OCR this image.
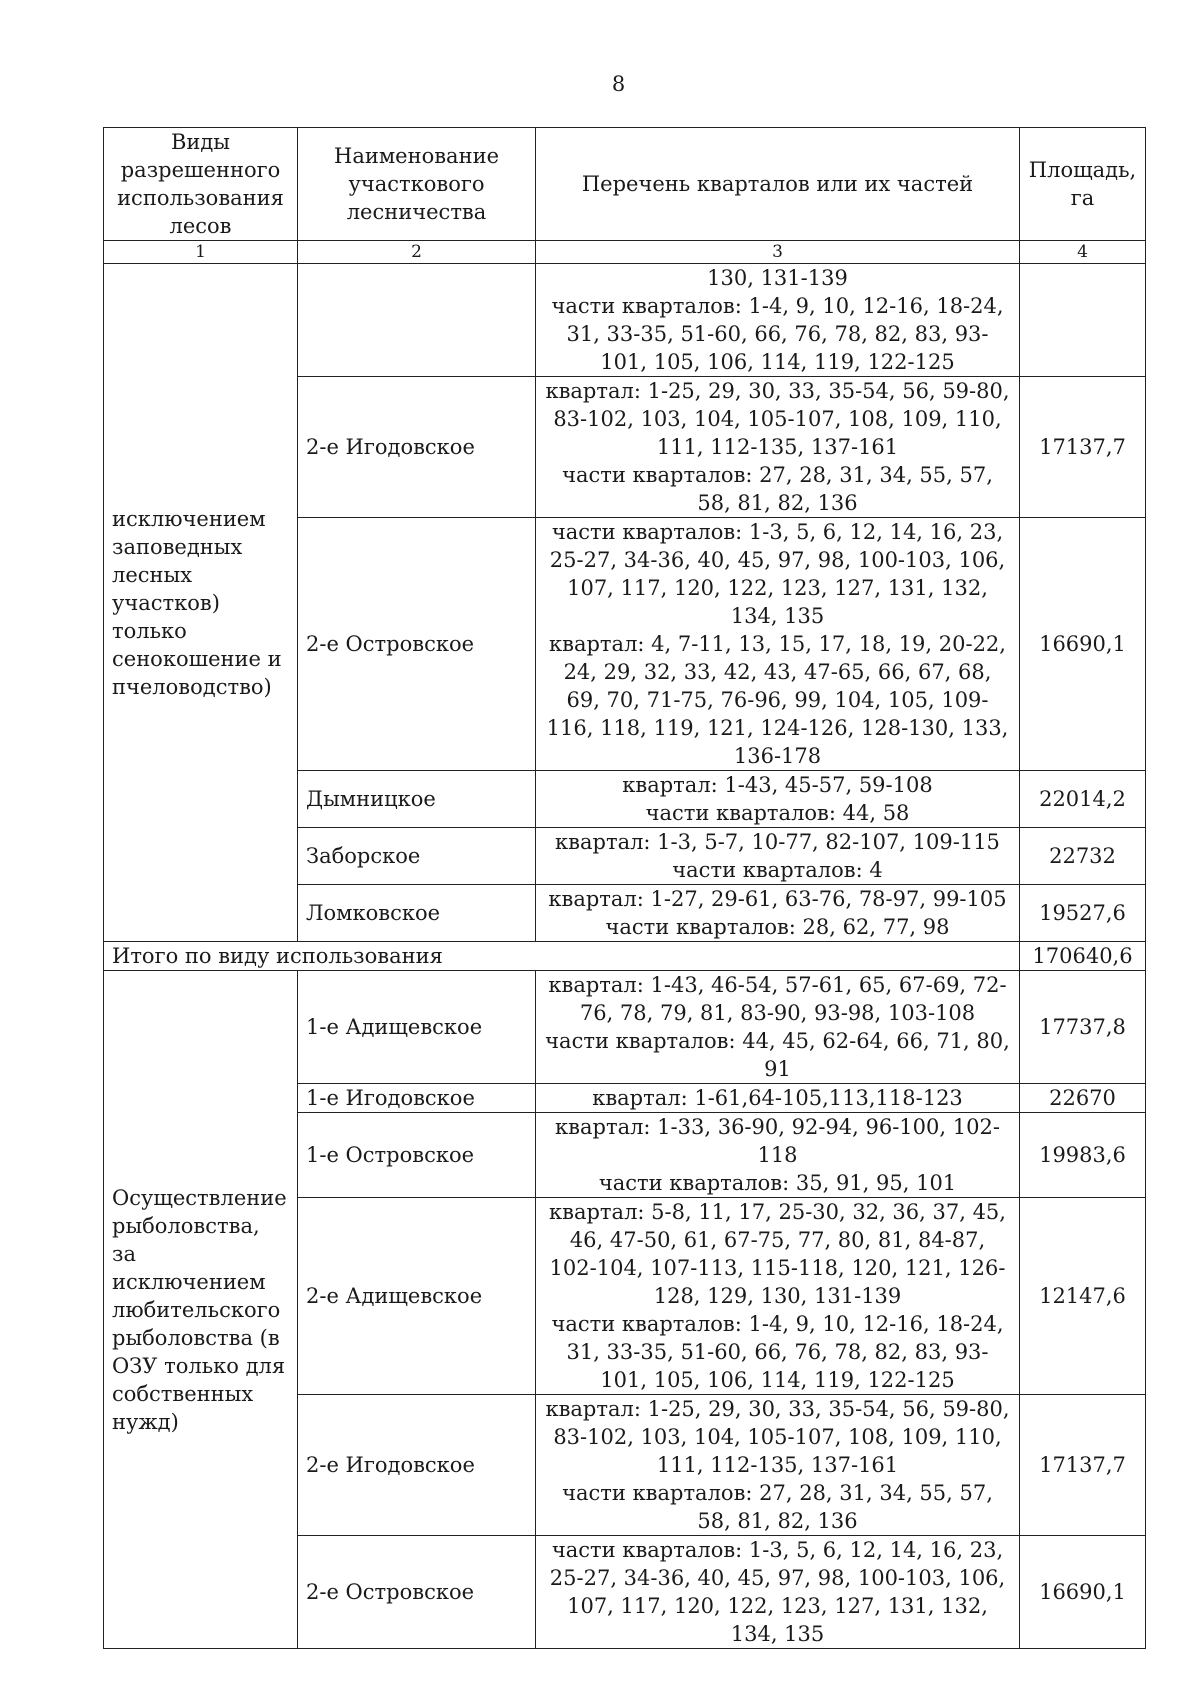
8
Виды разрешенного использования лесов	Наименование участкового лесничества	Перечень кварталов или их частей	Площадь, га
1	2	3	4
исключением заповедных лесных участков) только сенокошение и пчеловодство)		130, 131-139
части кварталов: 1-4, 9, 10, 12-16, 18-24, 31, 33-35, 51-60, 66, 76, 78, 82, 83, 93-101, 105, 106, 114, 119, 122-125	
	2-е Игодовское	квартал: 1-25, 29, 30, 33, 35-54, 56, 59-80, 83-102, 103, 104, 105-107, 108, 109, 110, 111, 112-135, 137-161
части кварталов: 27, 28, 31, 34, 55, 57, 58, 81, 82, 136	17137,7
	2-е Островское	части кварталов: 1-3, 5, 6, 12, 14, 16, 23, 25-27, 34-36, 40, 45, 97, 98, 100-103, 106, 107, 117, 120, 122, 123, 127, 131, 132, 134, 135
квартал: 4, 7-11, 13, 15, 17, 18, 19, 20-22, 24, 29, 32, 33, 42, 43, 47-65, 66, 67, 68, 69, 70, 71-75, 76-96, 99, 104, 105, 109-116, 118, 119, 121, 124-126, 128-130, 133, 136-178	16690,1
	Дымницкое	квартал: 1-43, 45-57, 59-108
части кварталов: 44, 58	22014,2
	Заборское	квартал: 1-3, 5-7, 10-77, 82-107, 109-115
части кварталов: 4	22732
	Ломковское	квартал: 1-27, 29-61, 63-76, 78-97, 99-105
части кварталов: 28, 62, 77, 98	19527,6
Итого по виду использования			170640,6
Осуществление рыболовства, за исключением любительского рыболовства (в ОЗУ только для собственных нужд)	1-е Адищевское	квартал: 1-43, 46-54, 57-61, 65, 67-69, 72-76, 78, 79, 81, 83-90, 93-98, 103-108
части кварталов: 44, 45, 62-64, 66, 71, 80, 91	17737,8
	1-е Игодовское	квартал: 1-61,64-105,113,118-123	22670
	1-е Островское	квартал: 1-33, 36-90, 92-94, 96-100, 102-118
части кварталов: 35, 91, 95, 101	19983,6
	2-е Адищевское	квартал: 5-8, 11, 17, 25-30, 32, 36, 37, 45, 46, 47-50, 61, 67-75, 77, 80, 81, 84-87, 102-104, 107-113, 115-118, 120, 121, 126-128, 129, 130, 131-139
части кварталов: 1-4, 9, 10, 12-16, 18-24, 31, 33-35, 51-60, 66, 76, 78, 82, 83, 93-101, 105, 106, 114, 119, 122-125	12147,6
	2-е Игодовское	квартал: 1-25, 29, 30, 33, 35-54, 56, 59-80, 83-102, 103, 104, 105-107, 108, 109, 110, 111, 112-135, 137-161
части кварталов: 27, 28, 31, 34, 55, 57, 58, 81, 82, 136	17137,7
	2-е Островское	части кварталов: 1-3, 5, 6, 12, 14, 16, 23, 25-27, 34-36, 40, 45, 97, 98, 100-103, 106, 107, 117, 120, 122, 123, 127, 131, 132, 134, 135	16690,1
